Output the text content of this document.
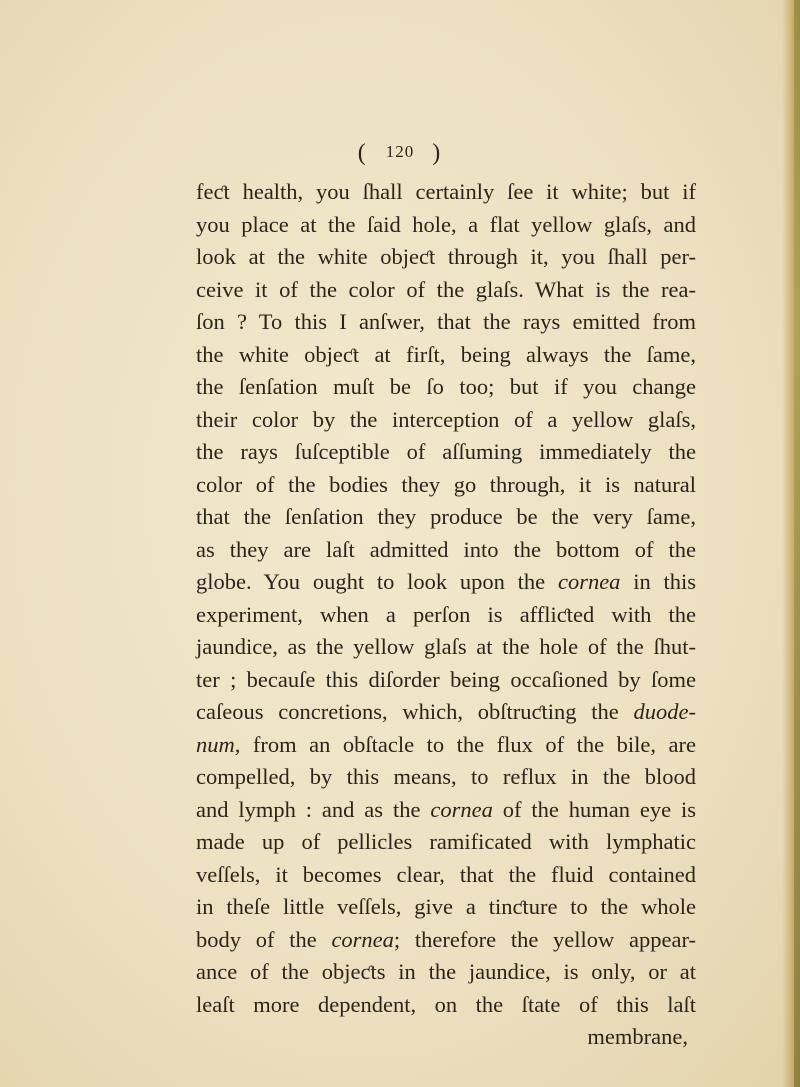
( 120 )
feƈt health, you ſhall certainly ſee it white; but if
you place at the ſaid hole, a flat yellow glaſs, and
look at the white objeƈt through it, you ſhall per-
ceive it of the color of the glaſs. What is the rea-
ſon ? To this I anſwer, that the rays emitted from
the white objeƈt at firſt, being always the ſame,
the ſenſation muſt be ſo too; but if you change
their color by the interception of a yellow glaſs,
the rays ſuſceptible of aſſuming immediately the
color of the bodies they go through, it is natural
that the ſenſation they produce be the very ſame,
as they are laſt admitted into the bottom of the
globe. You ought to look upon the cornea in this
experiment, when a perſon is affliƈted with the
jaundice, as the yellow glaſs at the hole of the ſhut-
ter ; becauſe this diſorder being occaſioned by ſome
caſeous concretions, which, obſtruƈting the duode-
num, from an obſtacle to the flux of the bile, are
compelled, by this means, to reflux in the blood
and lymph : and as the cornea of the human eye is
made up of pellicles ramificated with lymphatic
veſſels, it becomes clear, that the fluid contained
in theſe little veſſels, give a tinƈture to the whole
body of the cornea; therefore the yellow appear-
ance of the objeƈts in the jaundice, is only, or at
leaſt more dependent, on the ſtate of this laſt
membrane,
